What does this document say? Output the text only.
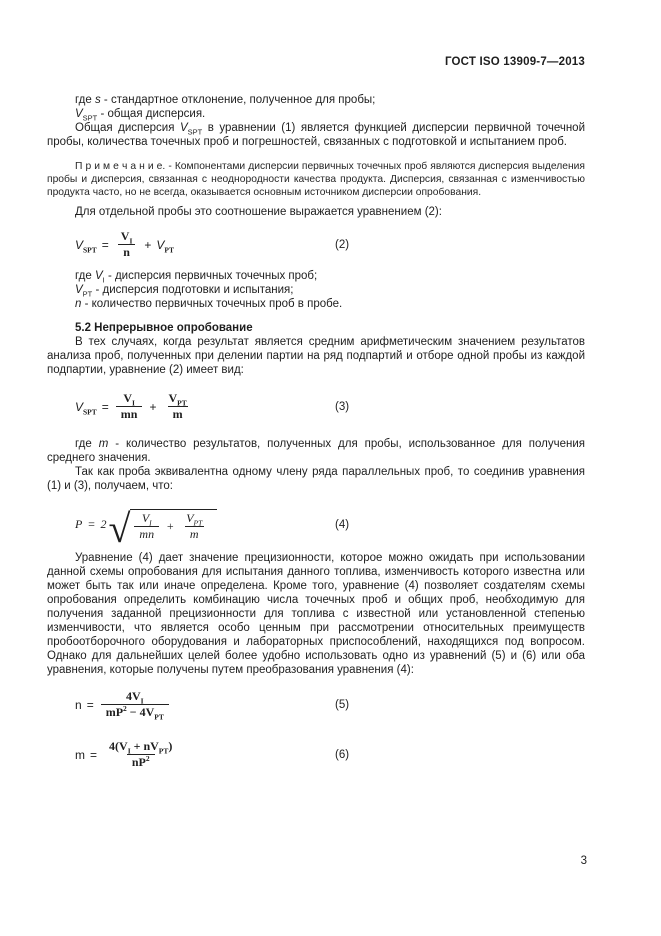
ГОСТ ISO 13909-7—2013
где s - стандартное отклонение, полученное для пробы;
$V_{SPT}$ - общая дисперсия.

Общая дисперсия $V_{SPT}$ в уравнении (1) является функцией дисперсии первичной точечной пробы, количества точечных проб и погрешностей, связанных с подготовкой и испытанием проб.

П р и м е ч а н и е. - Компонентами дисперсии первичных точечных проб являются дисперсия выделения пробы и дисперсия, связанная с неоднородности качества продукта. Дисперсия, связанная с изменчивостью продукта часто, но не всегда, оказывается основным источником дисперсии опробования.

Для отдельной пробы это соотношение выражается уравнением (2):

$V_{SPT} = \frac{V_I}{n} + V_{PT}$	(2)
где $V_I$ - дисперсия первичных точечных проб;
$V_{PT}$ - дисперсия подготовки и испытания;
n - количество первичных точечных проб в пробе.
5.2 Непрерывное опробование

В тех случаях, когда результат является средним арифметическим значением результатов анализа проб, полученных при делении партии на ряд подпартий и отборе одной пробы из каждой подпартии, уравнение (2) имеет вид:

$V_{SPT} = \frac{V_I}{mn} + \frac{V_{PT}}{m}$	(3)

где m - количество результатов, полученных для пробы, использованное для получения среднего значения.

Так как проба эквивалентна одному члену ряда параллельных проб, то соединив уравнения (1) и (3), получаем, что:

P = 2 √ $\frac{V_I}{mn} + \frac{V_{PT}}{m}$	(4)

Уравнение (4) дает значение прецизионности, которое можно ожидать при использовании данной схемы опробования для испытания данного топлива, изменчивость которого известна или может быть так или иначе определена. Кроме того, уравнение (4) позволяет создателям схемы опробования определить комбинацию числа точечных проб и общих проб, необходимую для получения заданной прецизионности для топлива с известной или установленной степенью изменчивости, что является особо ценным при рассмотрении относительных преимуществ пробоотборочного оборудования и лабораторных приспособлений, находящихся под вопросом. Однако для дальнейших целей более удобно использовать одно из уравнений (5) и (6) или оба уравнения, которые получены путем преобразования уравнения (4):

$n = \frac{4V_I}{mP^2 - 4V_{PT}}$	(5)
$m = \frac{4(V_I + nV_{PT})}{nP^2}$	(6)
3
